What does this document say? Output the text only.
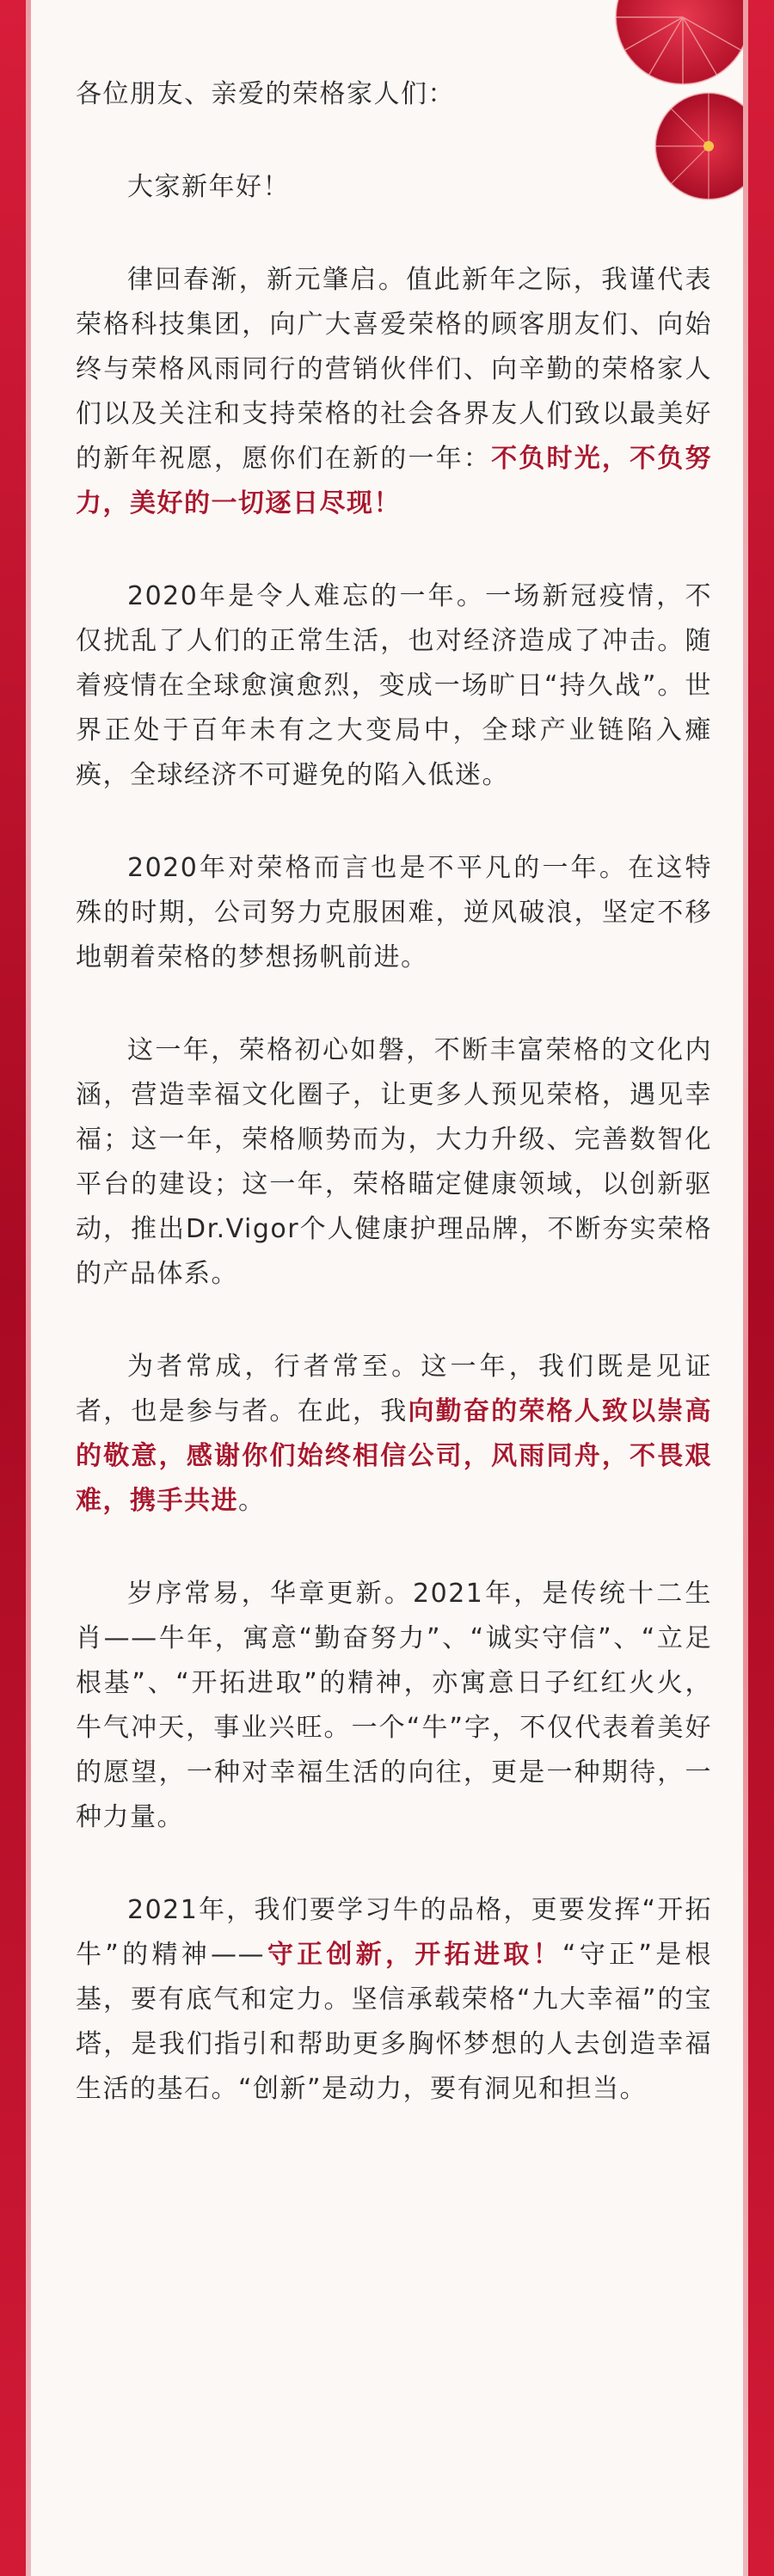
各位朋友、亲爱的荣格家人们：

大家新年好！

律回春渐，新元肇启。值此新年之际，我谨代表荣格科技集团，向广大喜爱荣格的顾客朋友们、向始终与荣格风雨同行的营销伙伴们、向辛勤的荣格家人们以及关注和支持荣格的社会各界友人们致以最美好的新年祝愿，愿你们在新的一年：不负时光，不负努力，美好的一切逐日尽现！

2020年是令人难忘的一年。一场新冠疫情，不仅扰乱了人们的正常生活，也对经济造成了冲击。随着疫情在全球愈演愈烈，变成一场旷日“持久战”。世界正处于百年未有之大变局中，全球产业链陷入瘫痪，全球经济不可避免的陷入低迷。

2020年对荣格而言也是不平凡的一年。在这特殊的时期，公司努力克服困难，逆风破浪，坚定不移地朝着荣格的梦想扬帆前进。

这一年，荣格初心如磐，不断丰富荣格的文化内涵，营造幸福文化圈子，让更多人预见荣格，遇见幸福；这一年，荣格顺势而为，大力升级、完善数智化平台的建设；这一年，荣格瞄定健康领域，以创新驱动，推出Dr.Vigor个人健康护理品牌，不断夯实荣格的产品体系。

为者常成，行者常至。这一年，我们既是见证者，也是参与者。在此，我向勤奋的荣格人致以崇高的敬意，感谢你们始终相信公司，风雨同舟，不畏艰难，携手共进。

岁序常易，华章更新。2021年，是传统十二生肖——牛年，寓意“勤奋努力”、“诚实守信”、“立足根基”、“开拓进取”的精神，亦寓意日子红红火火，牛气冲天，事业兴旺。一个“牛”字，不仅代表着美好的愿望，一种对幸福生活的向往，更是一种期待，一种力量。

2021年，我们要学习牛的品格，更要发挥“开拓牛”的精神——守正创新，开拓进取！“守正”是根基，要有底气和定力。坚信承载荣格“九大幸福”的宝塔，是我们指引和帮助更多胸怀梦想的人去创造幸福生活的基石。“创新”是动力，要有洞见和担当。
